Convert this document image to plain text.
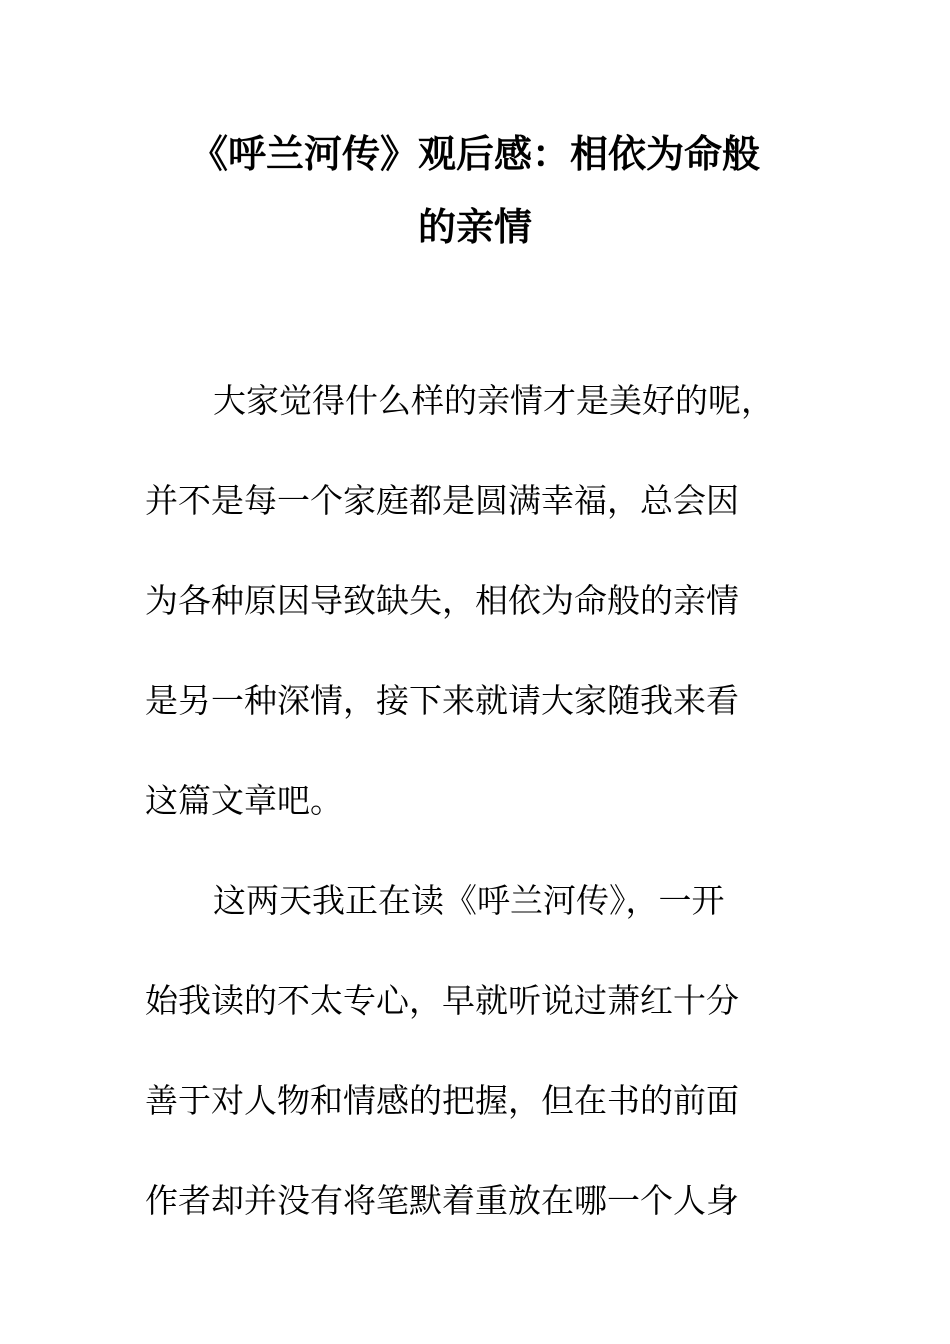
《呼兰河传》观后感：相依为命般
的亲情

大家觉得什么样的亲情才是美好的呢，

并不是每一个家庭都是圆满幸福，总会因

为各种原因导致缺失，相依为命般的亲情

是另一种深情，接下来就请大家随我来看

这篇文章吧。

这两天我正在读《呼兰河传》，一开

始我读的不太专心，早就听说过萧红十分

善于对人物和情感的把握，但在书的前面

作者却并没有将笔默着重放在哪一个人身
